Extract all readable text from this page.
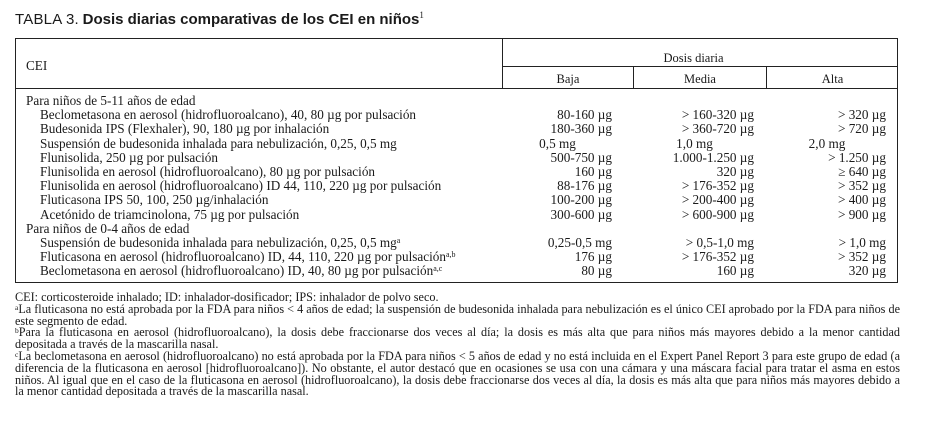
TABLA 3. Dosis diarias comparativas de los CEI en niños$^1$
CEI	Dosis diaria
Baja	Media	Alta
Para niños de 5-11 años de edad
Beclometasona en aerosol (hidrofluoroalcano), 40, 80 µg por pulsación	80-160 µg	> 160-320 µg	> 320 µg
Budesonida IPS (Flexhaler), 90, 180 µg por inhalación	180-360 µg	> 360-720 µg	> 720 µg
Suspensión de budesonida inhalada para nebulización, 0,25, 0,5 mg	0,5 mg	1,0 mg	2,0 mg
Flunisolida, 250 µg por pulsación	500-750 µg	1.000-1.250 µg	> 1.250 µg
Flunisolida en aerosol (hidrofluoroalcano), 80 µg por pulsación	160 µg	320 µg	≥ 640 µg
Flunisolida en aerosol (hidrofluoroalcano) ID 44, 110, 220 µg por pulsación	88-176 µg	> 176-352 µg	> 352 µg
Fluticasona IPS 50, 100, 250 µg/inhalación	100-200 µg	> 200-400 µg	> 400 µg
Acetónido de triamcinolona, 75 µg por pulsación	300-600 µg	> 600-900 µg	> 900 µg
Para niños de 0-4 años de edad
Suspensión de budesonida inhalada para nebulización, 0,25, 0,5 mg$^a$	0,25-0,5 mg	> 0,5-1,0 mg	> 1,0 mg
Fluticasona en aerosol (hidrofluoroalcano) ID, 44, 110, 220 µg por pulsación$^{a,b}$	176 µg	> 176-352 µg	> 352 µg
Beclometasona en aerosol (hidrofluoroalcano) ID, 40, 80 µg por pulsación$^{a,c}$	80 µg	160 µg	320 µg

CEI: corticosteroide inhalado; ID: inhalador-dosificador; IPS: inhalador de polvo seco.

$^a$La fluticasona no está aprobada por la FDA para niños < 4 años de edad; la suspensión de budesonida inhalada para nebulización es el único CEI aprobado por la FDA para niños de este segmento de edad.

$^b$Para la fluticasona en aerosol (hidrofluoroalcano), la dosis debe fraccionarse dos veces al día; la dosis es más alta que para niños más mayores debido a la menor cantidad depositada a través de la mascarilla nasal.

$^c$La beclometasona en aerosol (hidrofluoroalcano) no está aprobada por la FDA para niños < 5 años de edad y no está incluida en el Expert Panel Report 3 para este grupo de edad (a diferencia de la fluticasona en aerosol [hidrofluoroalcano]). No obstante, el autor destacó que en ocasiones se usa con una cámara y una máscara facial para tratar el asma en estos niños. Al igual que en el caso de la fluticasona en aerosol (hidrofluoroalcano), la dosis debe fraccionarse dos veces al día, la dosis es más alta que para niños más mayores debido a la menor cantidad depositada a través de la mascarilla nasal.
